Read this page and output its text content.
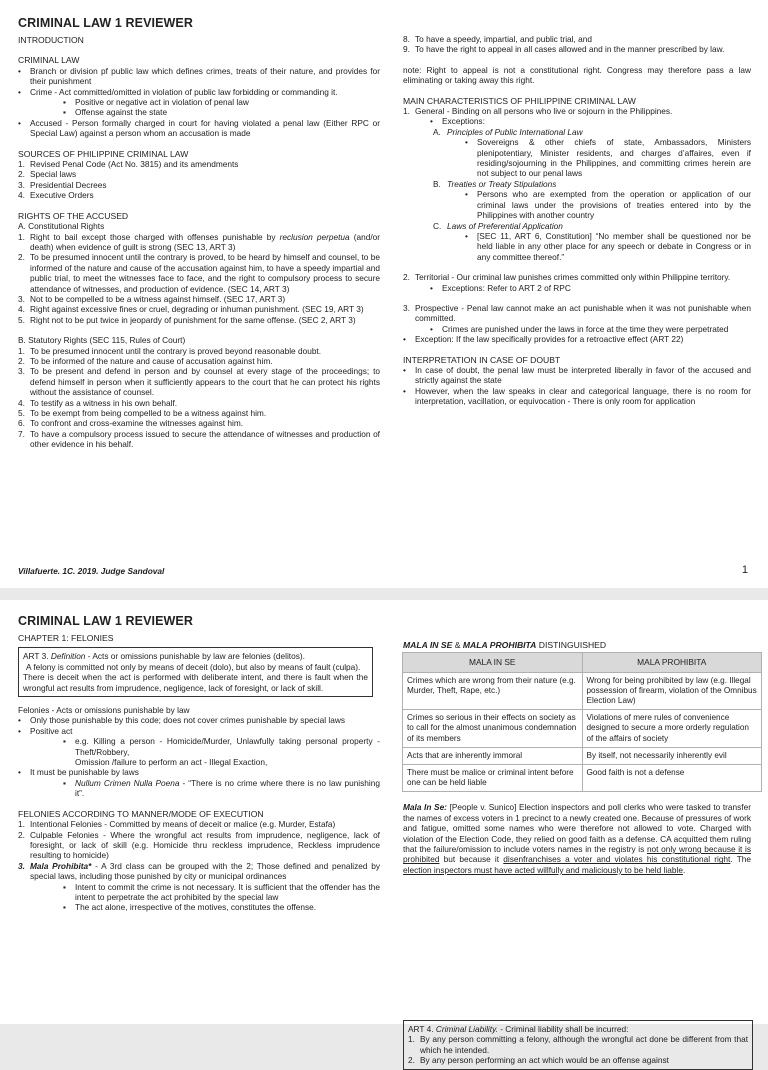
CRIMINAL LAW 1 REVIEWER
INTRODUCTION
CRIMINAL LAW
•	Branch or division pf public law which defines crimes, treats of their nature, and provides for their punishment
•	Crime - Act committed/omitted in violation of public law forbidding or commanding it.
▪	Positive or negative act in violation of penal law
▪	Offense against the state
•	Accused - Person formally charged in court for having violated a penal law (Either RPC or Special Law) against a person whom an accusation is made
SOURCES OF PHILIPPINE CRIMINAL LAW
1. Revised Penal Code (Act No. 3815) and its amendments
2. Special laws
3. Presidential Decrees
4. Executive Orders
RIGHTS OF THE ACCUSED
A. Constitutional Rights
1. Right to bail except those charged with offenses punishable by reclusion perpetua (and/or death) when evidence of guilt is strong (SEC 13, ART 3)
2. To be presumed innocent until the contrary is proved, to be heard by himself and counsel, to be informed of the nature and cause of the accusation against him, to have a speedy impartial and public trial, to meet the witnesses face to face, and the right to compulsory process to secure attendance of witnesses, and production of evidence. (SEC 14, ART 3)
3. Not to be compelled to be a witness against himself. (SEC 17, ART 3)
4. Right against excessive fines or cruel, degrading or inhuman punishment. (SEC 19, ART 3)
5. Right not to be put twice in jeopardy of punishment for the same offense. (SEC 2, ART 3)
B. Statutory Rights (SEC 115, Rules of Court)
1. To be presumed innocent until the contrary is proved beyond reasonable doubt.
2. To be informed of the nature and cause of accusation against him.
3. To be present and defend in person and by counsel at every stage of the proceedings; to defend himself in person when it sufficiently appears to the court that he can protect his rights without the assistance of counsel.
4. To testify as a witness in his own behalf.
5. To be exempt from being compelled to be a witness against him.
6. To confront and cross-examine the witnesses against him.
7. To have a compulsory process issued to secure the attendance of witnesses and production of other evidence in his behalf.
8. To have a speedy, impartial, and public trial, and
9. To have the right to appeal in all cases allowed and in the manner prescribed by law.
note: Right to appeal is not a constitutional right. Congress may therefore pass a law eliminating or taking away this right.
MAIN CHARACTERISTICS OF PHILIPPINE CRIMINAL LAW
1. General - Binding on all persons who live or sojourn in the Philippines.
•	Exceptions:
A. Principles of Public International Law
•	Sovereigns & other chiefs of state, Ambassadors, Ministers plenipotentiary, Minister residents, and charges d’affaires, even if residing/sojourning in the Philippines, and committing crimes herein are not subject to our penal laws
B. Treaties or Treaty Stipulations
•	Persons who are exempted from the operation or application of our criminal laws under the provisions of treaties entered into by the Philippines with another country
C. Laws of Preferential Application
•	[SEC 11, ART 6, Constitution] “No member shall be questioned nor be held liable in any other place for any speech or debate in Congress or in any committee thereof.”
2. Territorial - Our criminal law punishes crimes committed only within Philippine territory.
•	Exceptions: Refer to ART 2 of RPC
3. Prospective - Penal law cannot make an act punishable when it was not punishable when committed.
•	Crimes are punished under the laws in force at the time they were perpetrated
•	Exception: If the law specifically provides for a retroactive effect (ART 22)
INTERPRETATION IN CASE OF DOUBT
•	In case of doubt, the penal law must be interpreted liberally in favor of the accused and strictly against the state
•	However, when the law speaks in clear and categorical language, there is no room for interpretation, vacillation, or equivocation - There is only room for application
Villafuerte. 1C. 2019. Judge Sandoval	1
CRIMINAL LAW 1 REVIEWER
CHAPTER 1: FELONIES
ART 3. Definition - Acts or omissions punishable by law are felonies (delitos).
A felony is committed not only by means of deceit (dolo), but also by means of fault (culpa).
There is deceit when the act is performed with deliberate intent, and there is fault when the wrongful act results from imprudence, negligence, lack of foresight, or lack of skill.
Felonies - Acts or omissions punishable by law
•	Only those punishable by this code; does not cover crimes punishable by special laws
•	Positive act
▪	e.g. Killing a person - Homicide/Murder, Unlawfully taking personal property - Theft/Robbery,

Omission /failure to perform an act - Illegal Exaction,
•	It must be punishable by laws
▪	Nullum Crimen Nulla Poena - “There is no crime where there is no law punishing it”.
FELONIES ACCORDING TO MANNER/MODE OF EXECUTION
1. Intentional Felonies - Committed by means of deceit or malice (e.g. Murder, Estafa)
2. Culpable Felonies - Where the wrongful act results from imprudence, negligence, lack of foresight, or lack of skill (e.g. Homicide thru reckless imprudence, Reckless imprudence resulting to homicide)
3. Mala Prohibita* - A 3rd class can be grouped with the 2; Those defined and penalized by special laws, including those punished by city or municipal ordinances
▪	Intent to commit the crime is not necessary. It is sufficient that the offender has the intent to perpetrate the act prohibited by the special law
▪	The act alone, irrespective of the motives, constitutes the offense.
MALA IN SE & MALA PROHIBITA DISTINGUISHED
MALA IN SE	MALA PROHIBITA
Crimes which are wrong from their nature (e.g. Murder, Theft, Rape, etc.)	Wrong for being prohibited by law (e.g. Illegal possession of firearm, violation of the Omnibus Election Law)
Crimes so serious in their effects on society as to call for the almost unanimous condemnation of its members	Violations of mere rules of convenience designed to secure a more orderly regulation of the affairs of society
Acts that are inherently immoral	By itself, not necessarily inherently evil
There must be malice or criminal intent before one can be held liable	Good faith is not a defense
Mala In Se: [People v. Sunico] Election inspectors and poll clerks who were tasked to transfer the names of excess voters in 1 precinct to a newly created one. Because of pressures of work and fatigue, omitted some names who were therefore not allowed to vote. Charged with violation of the Election Code, they relied on good faith as a defense. CA acquitted them ruling that the failure/omission to include voters names in the registry is not only wrong because it is prohibited but because it disenfranchises a voter and violates his constitutional right. The election inspectors must have acted willfully and maliciously to be held liable.
ART 4. Criminal Liability. - Criminal liability shall be incurred:
1. By any person committing a felony, although the wrongful act done be different from that which he intended.
2. By any person performing an act which would be an offense against
